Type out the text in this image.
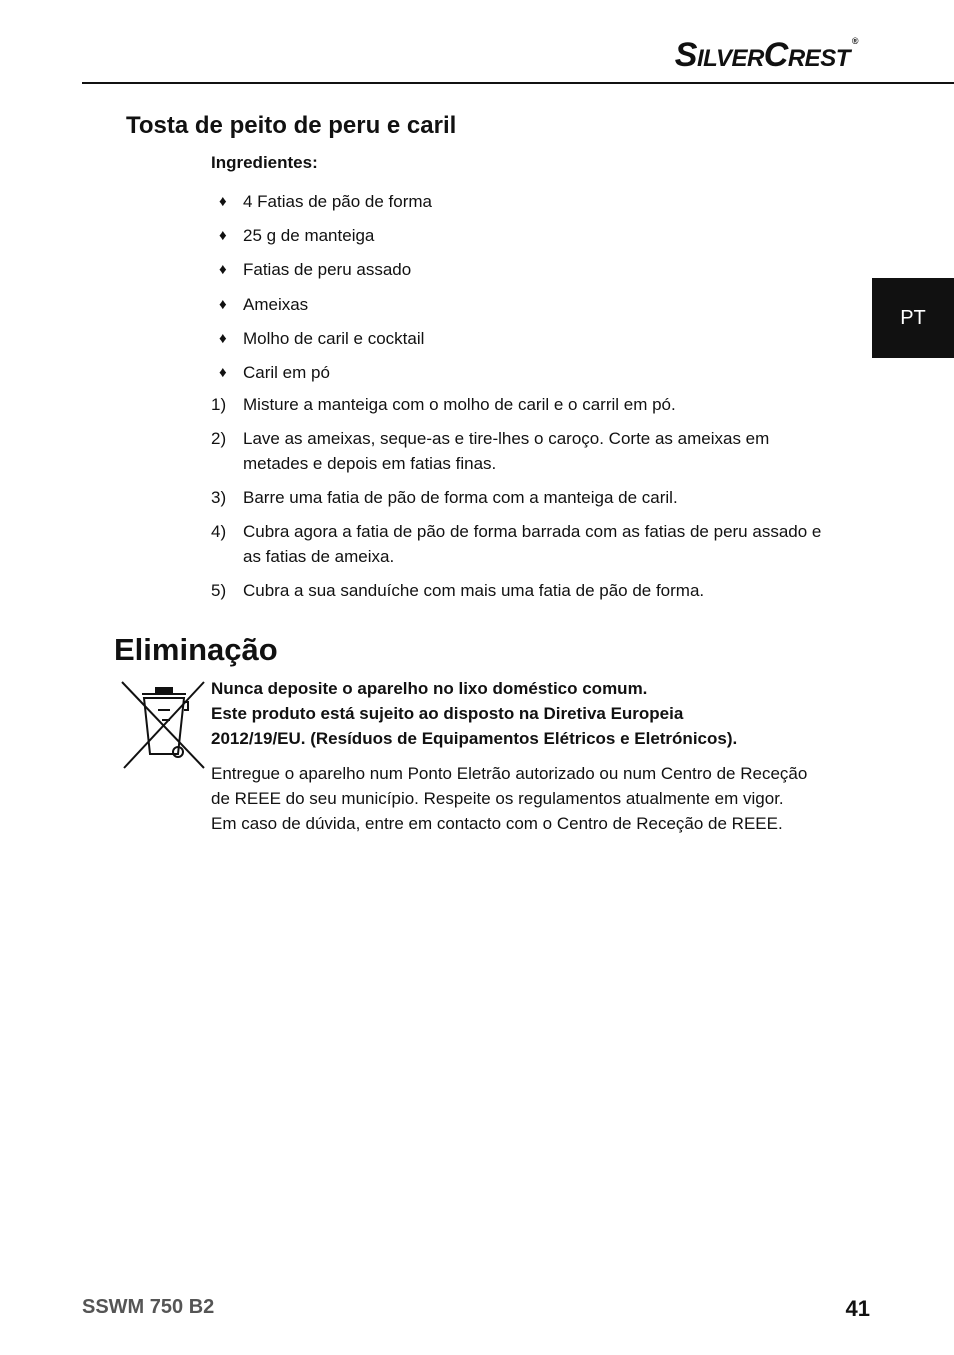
SilverCrest ®
PT
Tosta de peito de peru e caril
Ingredientes:
♦ 4 Fatias de pão de forma
♦ 25 g de manteiga
♦ Fatias de peru assado
♦ Ameixas
♦ Molho de caril e cocktail
♦ Caril em pó
1) Misture a manteiga com o molho de caril e o carril em pó.
2) Lave as ameixas, seque-as e tire-lhes o caroço. Corte as ameixas em metades e depois em fatias finas.
3) Barre uma fatia de pão de forma com a manteiga de caril.
4) Cubra agora a fatia de pão de forma barrada com as fatias de peru assado e as fatias de ameixa.
5) Cubra a sua sanduíche com mais uma fatia de pão de forma.
Eliminação
Nunca deposite o aparelho no lixo doméstico comum.
Este produto está sujeito ao disposto na Diretiva Europeia
2012/19/EU. (Resíduos de Equipamentos Elétricos e Eletrónicos).
Entregue o aparelho num Ponto Eletrão autorizado ou num Centro de Receção
de REEE do seu município. Respeite os regulamentos atualmente em vigor.
Em caso de dúvida, entre em contacto com o Centro de Receção de REEE.
SSWM 750 B2	41
